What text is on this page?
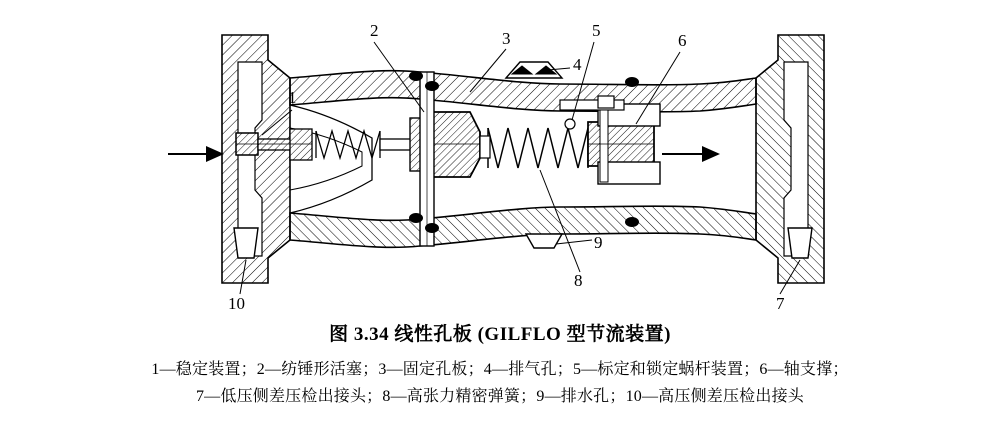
1
2	3
4
5
6
7
8
9
10

图 3.34 线性孔板 (GILFLO 型节流装置)

1—稳定装置；2—纺锤形活塞；3—固定孔板；4—排气孔；5—标定和锁定蜗杆装置；6—轴支撑；
7—低压侧差压检出接头；8—高张力精密弹簧；9—排水孔；10—高压侧差压检出接头
